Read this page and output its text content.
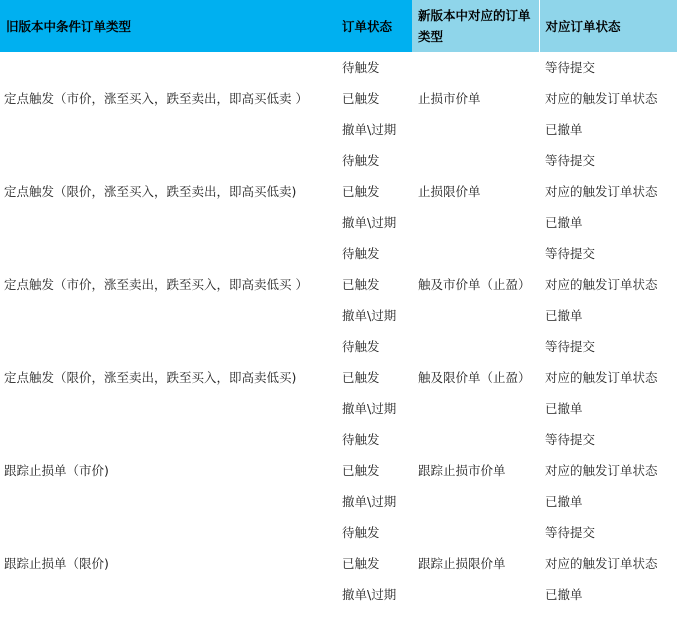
旧版本中条件订单类型	订单状态	新版本中对应的订单类型	对应订单状态
定点触发（市价，涨至买入，跌至卖出，即高买低卖 ）	待触发	止损市价单	等待提交
	已触发		对应的触发订单状态
	撤单\过期		已撤单
定点触发（限价，涨至买入，跌至卖出，即高买低卖)	待触发	止损限价单	等待提交
	已触发		对应的触发订单状态
	撤单\过期		已撤单
定点触发（市价，涨至卖出，跌至买入，即高卖低买 ）	待触发	触及市价单（止盈）	等待提交
	已触发		对应的触发订单状态
	撤单\过期		已撤单
定点触发（限价，涨至卖出，跌至买入，即高卖低买)	待触发	触及限价单（止盈）	等待提交
	已触发		对应的触发订单状态
	撤单\过期		已撤单
跟踪止损单（市价)	待触发	跟踪止损市价单	等待提交
	已触发		对应的触发订单状态
	撤单\过期		已撤单
跟踪止损单（限价)	待触发	跟踪止损限价单	等待提交
	已触发		对应的触发订单状态
	撤单\过期		已撤单
